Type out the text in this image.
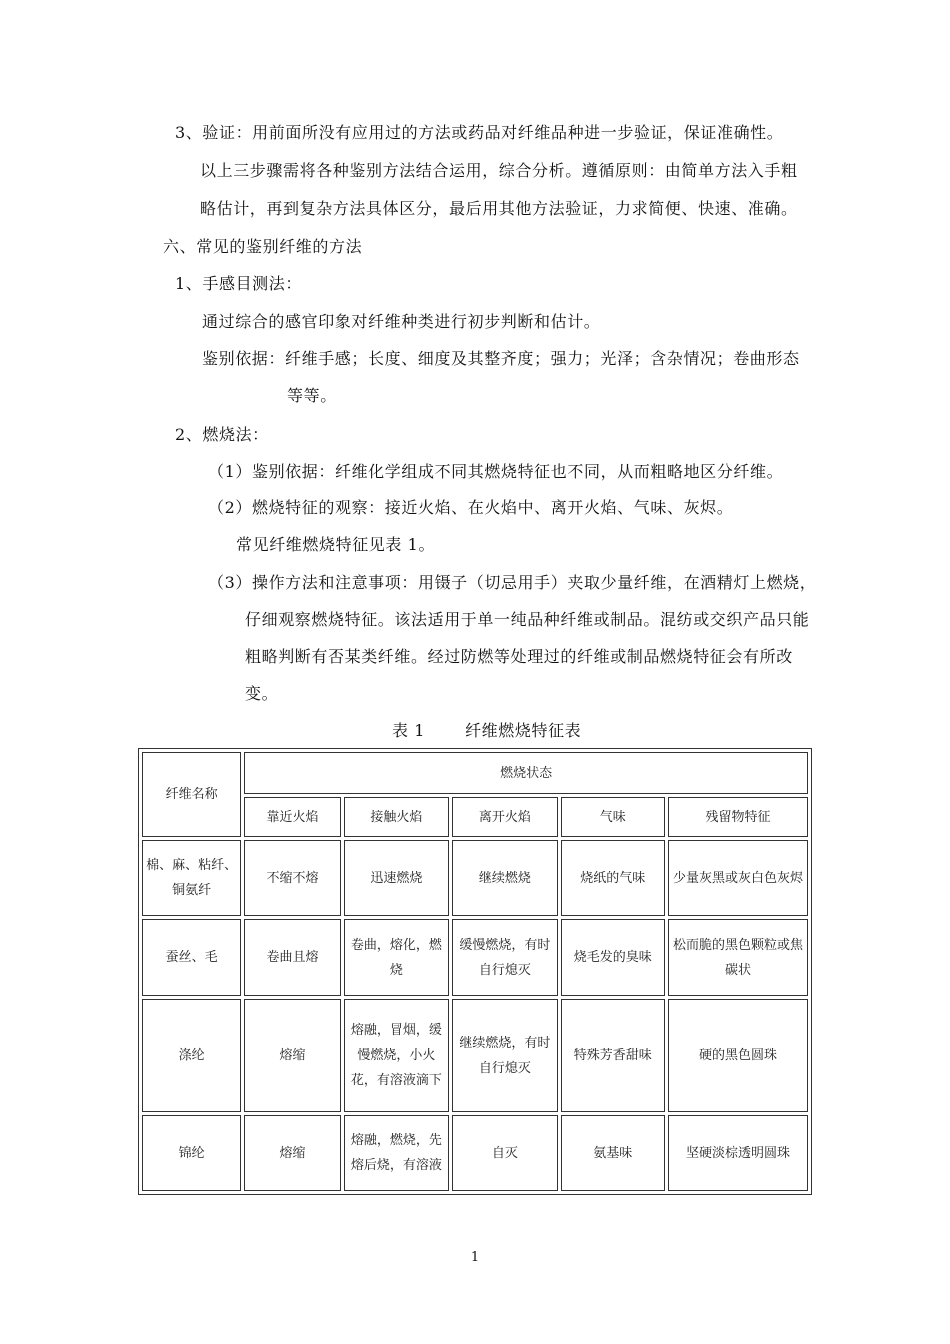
3、验证：用前面所没有应用过的方法或药品对纤维品种进一步验证，保证准确性。
以上三步骤需将各种鉴别方法结合运用，综合分析。遵循原则：由简单方法入手粗
略估计，再到复杂方法具体区分，最后用其他方法验证，力求简便、快速、准确。
六、常见的鉴别纤维的方法
1、手感目测法：
通过综合的感官印象对纤维种类进行初步判断和估计。
鉴别依据：纤维手感；长度、细度及其整齐度；强力；光泽；含杂情况；卷曲形态
等等。
2、燃烧法：
（1）鉴别依据：纤维化学组成不同其燃烧特征也不同，从而粗略地区分纤维。
（2）燃烧特征的观察：接近火焰、在火焰中、离开火焰、气味、灰烬。
常见纤维燃烧特征见表 1。
（3）操作方法和注意事项：用镊子（切忌用手）夹取少量纤维，在酒精灯上燃烧，
仔细观察燃烧特征。该法适用于单一纯品种纤维或制品。混纺或交织产品只能
粗略判断有否某类纤维。经过防燃等处理过的纤维或制品燃烧特征会有所改
变。
表 1	纤维燃烧特征表
纤维名称	燃烧状态				
	靠近火焰	接触火焰	离开火焰	气味	残留物特征
棉、麻、粘纤、铜氨纤	不缩不熔	迅速燃烧	继续燃烧	烧纸的气味	少量灰黑或灰白色灰烬
蚕丝、毛	卷曲且熔	卷曲，熔化，燃烧	缓慢燃烧，有时自行熄灭	烧毛发的臭味	松而脆的黑色颗粒或焦碳状
涤纶	熔缩	熔融，冒烟，缓慢燃烧，小火花，有溶液滴下	继续燃烧，有时自行熄灭	特殊芳香甜味	硬的黑色圆珠
锦纶	熔缩	熔融，燃烧，先熔后烧，有溶液	自灭	氨基味	坚硬淡棕透明圆珠
1
